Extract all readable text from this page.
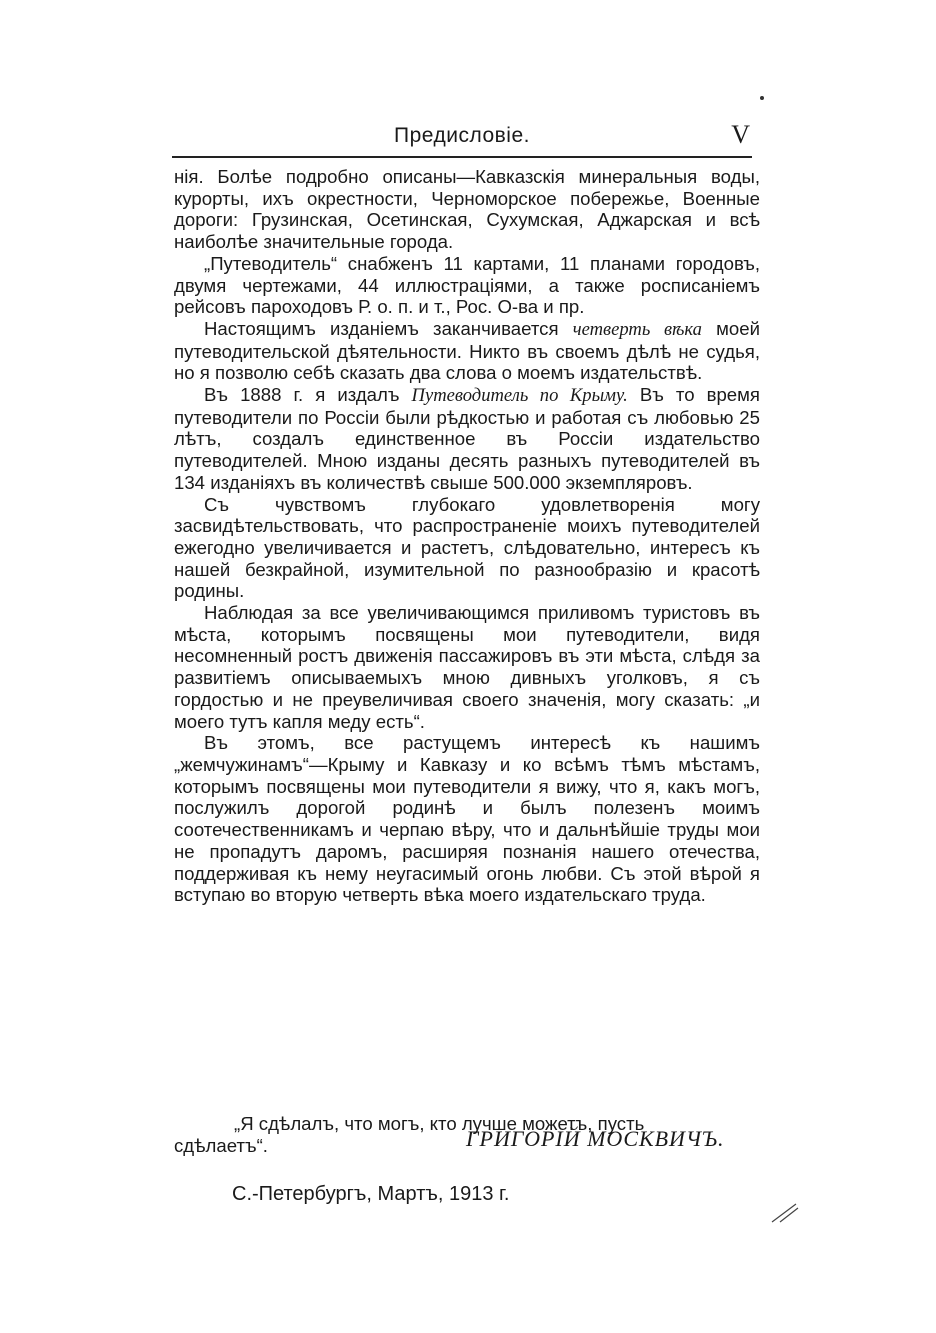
Предисловіе.	V

нія. Болѣе подробно описаны—Кавказскія минеральныя воды, курорты, ихъ окрестности, Черноморское побережье, Военные дороги: Грузинская, Осетинская, Сухумская, Аджарская и всѣ наиболѣе значительные города.

„Путеводитель“ снабженъ 11 картами, 11 планами городовъ, двумя чертежами, 44 иллюстраціями, а также росписаніемъ рейсовъ пароходовъ Р. о. п. и т., Рос. О-ва и пр.

Настоящимъ изданіемъ заканчивается четверть вѣка моей путеводительской дѣятельности. Никто въ своемъ дѣлѣ не судья, но я позволю себѣ сказать два слова о моемъ издательствѣ.

Въ 1888 г. я издалъ Путеводитель по Крыму. Въ то время путеводители по Россіи были рѣдкостью и работая съ любовью 25 лѣтъ, создалъ единственное въ Россіи издательство путеводителей. Мною изданы десять разныхъ путеводителей въ 134 изданіяхъ въ количествѣ свыше 500.000 экземпляровъ.

Съ чувствомъ глубокаго удовлетворенія могу засвидѣтельствовать, что распространеніе моихъ путеводителей ежегодно увеличивается и растетъ, слѣдовательно, интересъ къ нашей безкрайной, изумительной по разнообразію и красотѣ родины.

Наблюдая за все увеличивающимся приливомъ туристовъ въ мѣста, которымъ посвящены мои путеводители, видя несомненный ростъ движенія пассажировъ въ эти мѣста, слѣдя за развитіемъ описываемыхъ мною дивныхъ уголковъ, я съ гордостью и не преувеличивая своего значенія, могу сказать: „и моего тутъ капля меду есть“.

Въ этомъ, все растущемъ интересѣ къ нашимъ „жемчужинамъ“—Крыму и Кавказу и ко всѣмъ тѣмъ мѣстамъ, которымъ посвящены мои путеводители я вижу, что я, какъ могъ, послужилъ дорогой родинѣ и былъ полезенъ моимъ соотечественникамъ и черпаю вѣру, что и дальнѣйшіе труды мои не пропадутъ даромъ, расширяя познанія нашего отечества, поддерживая къ нему неугасимый огонь любви. Съ этой вѣрой я вступаю во вторую четверть вѣка моего издательскаго труда.

„Я сдѣлалъ, что могъ, кто лучше можетъ, пусть
сдѣлаетъ“.	ГРИГОРІЙ МОСКВИЧЪ.
С.-Петербургъ, Мартъ, 1913 г.
